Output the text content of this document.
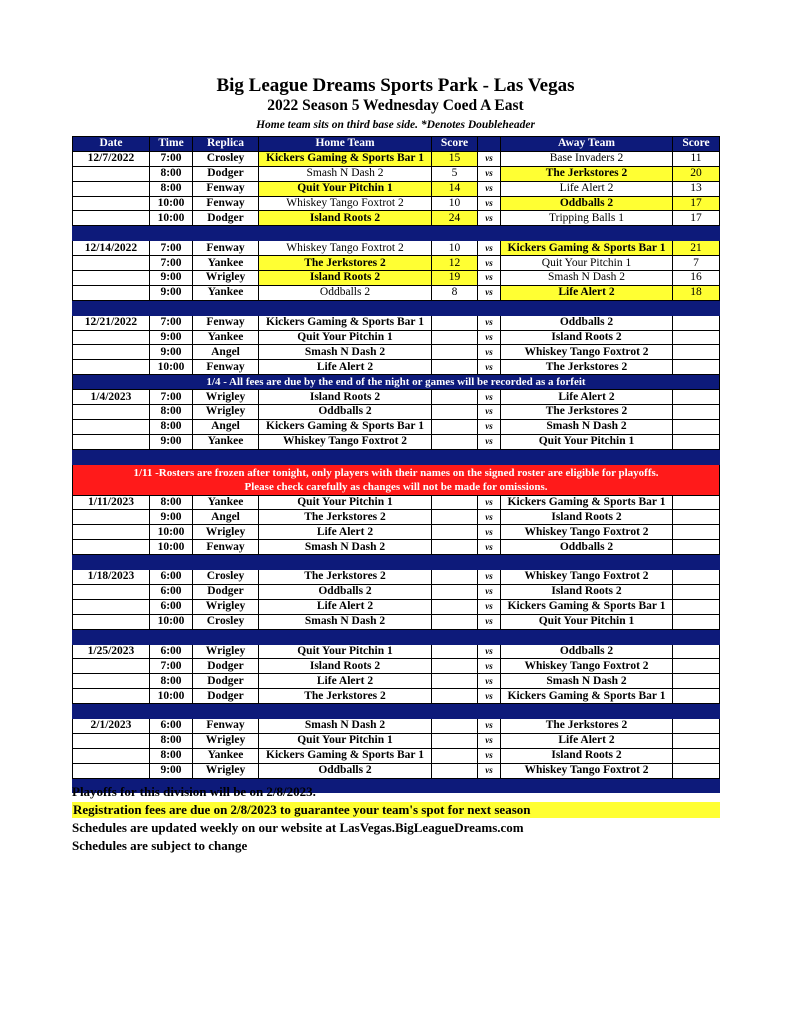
Big League Dreams Sports Park - Las Vegas
2022 Season 5 Wednesday Coed A East
Home team sits on third base side. *Denotes Doubleheader
Date	Time	Replica	Home Team	Score		Away Team	Score
12/7/2022	7:00	Crosley	Kickers Gaming & Sports Bar 1	15	vs	Base Invaders 2	11
	8:00	Dodger	Smash N Dash 2	5	vs	The Jerkstores 2	20
	8:00	Fenway	Quit Your Pitchin 1	14	vs	Life Alert 2	13
	10:00	Fenway	Whiskey Tango Foxtrot 2	10	vs	Oddballs 2	17
	10:00	Dodger	Island Roots 2	24	vs	Tripping Balls 1	17

12/14/2022	7:00	Fenway	Whiskey Tango Foxtrot 2	10	vs	Kickers Gaming & Sports Bar 1	21
	7:00	Yankee	The Jerkstores 2	12	vs	Quit Your Pitchin 1	7
	9:00	Wrigley	Island Roots 2	19	vs	Smash N Dash 2	16
	9:00	Yankee	Oddballs 2	8	vs	Life Alert 2	18

12/21/2022	7:00	Fenway	Kickers Gaming & Sports Bar 1		vs	Oddballs 2	
	9:00	Yankee	Quit Your Pitchin 1		vs	Island Roots 2	
	9:00	Angel	Smash N Dash 2		vs	Whiskey Tango Foxtrot 2	
	10:00	Fenway	Life Alert 2		vs	The Jerkstores 2	
1/4 - All fees are due by the end of the night or games will be recorded as a forfeit							
1/4/2023	7:00	Wrigley	Island Roots 2		vs	Life Alert 2	
	8:00	Wrigley	Oddballs 2		vs	The Jerkstores 2	
	8:00	Angel	Kickers Gaming & Sports Bar 1		vs	Smash N Dash 2	
	9:00	Yankee	Whiskey Tango Foxtrot 2		vs	Quit Your Pitchin 1	

1/11 -Rosters are frozen after tonight, only players with their names on the signed roster are eligible for playoffs.
Please check carefully as changes will not be made for omissions.							

1/11/2023	8:00	Yankee	Quit Your Pitchin 1		vs	Kickers Gaming & Sports Bar 1	
	9:00	Angel	The Jerkstores 2		vs	Island Roots 2	
	10:00	Wrigley	Life Alert 2		vs	Whiskey Tango Foxtrot 2	
	10:00	Fenway	Smash N Dash 2		vs	Oddballs 2	

1/18/2023	6:00	Crosley	The Jerkstores 2		vs	Whiskey Tango Foxtrot 2	
	6:00	Dodger	Oddballs 2		vs	Island Roots 2	
	6:00	Wrigley	Life Alert 2		vs	Kickers Gaming & Sports Bar 1	
	10:00	Crosley	Smash N Dash 2		vs	Quit Your Pitchin 1	

1/25/2023	6:00	Wrigley	Quit Your Pitchin 1		vs	Oddballs 2	
	7:00	Dodger	Island Roots 2		vs	Whiskey Tango Foxtrot 2	
	8:00	Dodger	Life Alert 2		vs	Smash N Dash 2	
	10:00	Dodger	The Jerkstores 2		vs	Kickers Gaming & Sports Bar 1	

2/1/2023	6:00	Fenway	Smash N Dash 2		vs	The Jerkstores 2	
	8:00	Wrigley	Quit Your Pitchin 1		vs	Life Alert 2	
	8:00	Yankee	Kickers Gaming & Sports Bar 1		vs	Island Roots 2	
	9:00	Wrigley	Oddballs 2		vs	Whiskey Tango Foxtrot 2	

Playoffs for this division will be on 2/8/2023.
Registration fees are due on 2/8/2023 to guarantee your team's spot for next season
Schedules are updated weekly on our website at LasVegas.BigLeagueDreams.com
Schedules are subject to change
